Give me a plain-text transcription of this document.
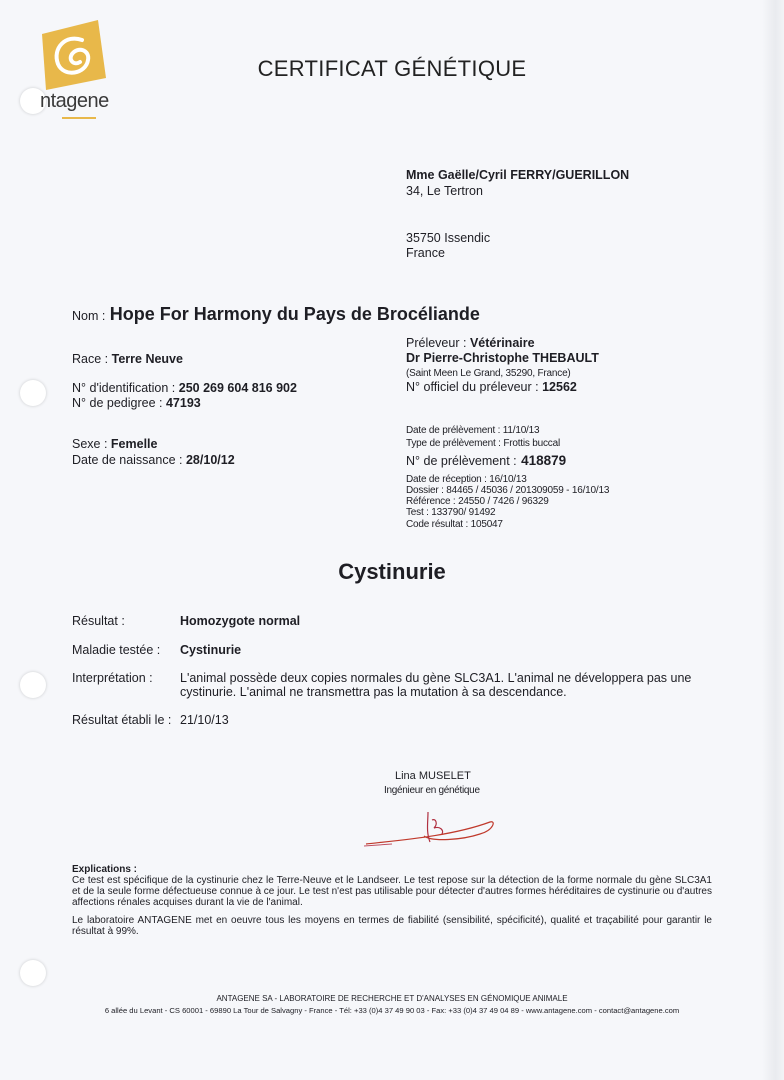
ntagene
CERTIFICAT GÉNÉTIQUE
Mme Gaëlle/Cyril FERRY/GUERILLON
34, Le Tertron
35750 Issendic
France
Nom : Hope For Harmony du Pays de Brocéliande
Race : Terre Neuve
N° d'identification : 250 269 604 816 902
N° de pedigree : 47193
Sexe : Femelle
Date de naissance : 28/10/12
Préleveur : Vétérinaire
Dr Pierre-Christophe THEBAULT
(Saint Meen Le Grand, 35290, France)
N° officiel du préleveur : 12562
Date de prélèvement : 11/10/13
Type de prélèvement : Frottis buccal
N° de prélèvement : 418879
Date de réception : 16/10/13
Dossier : 84465 / 45036 / 201309059 - 16/10/13
Référence : 24550 / 7426 / 96329
Test : 133790/ 91492
Code résultat : 105047
Cystinurie
Résultat :	Homozygote normal
Maladie testée : Cystinurie
Interprétation : L'animal possède deux copies normales du gène SLC3A1. L'animal ne développera pas une
cystinurie. L'animal ne transmettra pas la mutation à sa descendance.
Résultat établi le : 21/10/13
Lina MUSELET
Ingénieur en génétique
Explications :
Ce test est spécifique de la cystinurie chez le Terre-Neuve et le Landseer. Le test repose sur la détection de la forme normale du gène SLC3A1 et de la seule forme défectueuse connue à ce jour. Le test n'est pas utilisable pour détecter d'autres formes héréditaires de cystinurie ou d'autres affections rénales acquises durant la vie de l'animal.
Le laboratoire ANTAGENE met en oeuvre tous les moyens en termes de fiabilité (sensibilité, spécificité), qualité et traçabilité pour garantir le résultat à 99%.
ANTAGENE SA - LABORATOIRE DE RECHERCHE ET D'ANALYSES EN GÉNOMIQUE ANIMALE
6 allée du Levant - CS 60001 - 69890 La Tour de Salvagny - France - Tél: +33 (0)4 37 49 90 03 - Fax: +33 (0)4 37 49 04 89 - www.antagene.com - contact@antagene.com
